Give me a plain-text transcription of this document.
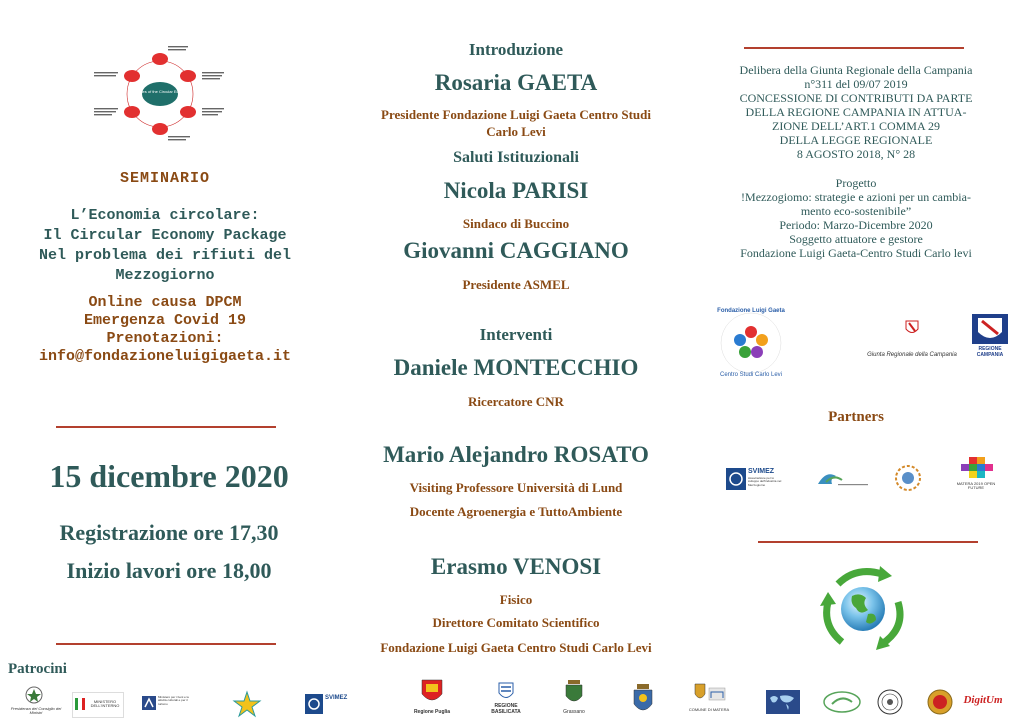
Principles of the Circular Economy
SEMINARIO
L’Economia circolare:
Il Circular Economy Package
Nel problema dei rifiuti del
Mezzogiorno
Online causa DPCM
Emergenza Covid 19
Prenotazioni:
info@fondazioneluigigaeta.it
15 dicembre 2020
Registrazione ore 17,30
Inizio lavori ore 18,00
Patrocini
Introduzione
Rosaria GAETA
Presidente Fondazione Luigi Gaeta Centro Studi
Carlo Levi
Saluti Istituzionali
Nicola PARISI
Sindaco di Buccino
Giovanni CAGGIANO
Presidente ASMEL
Interventi
Daniele MONTECCHIO
Ricercatore CNR
Mario Alejandro ROSATO
Visiting Professore Università di Lund
Docente Agroenergia e TuttoAmbiente
Erasmo VENOSI
Fisico
Direttore Comitato Scientifico
Fondazione Luigi Gaeta Centro Studi Carlo Levi
Delibera della Giunta Regionale della Campania
n°311 del 09/07 2019
CONCESSIONE DI CONTRIBUTI DA PARTE
DELLA REGIONE CAMPANIA IN ATTUA-
ZIONE DELL’ART.1 COMMA 29
DELLA LEGGE REGIONALE
8 AGOSTO 2018, N° 28
Progetto
!Mezzogiomo: strategie e azioni per un cambia-
mento eco-sostenibile”
Periodo: Marzo-Dicembre 2020
Soggetto attuatore e gestore
Fondazione Luigi Gaeta-Centro Studi Carlo levi
Fondazione Luigi Gaeta
Centro Studi Carlo Levi
Giunta Regionale della Campania
REGIONE CAMPANIA
Partners
SVIMEZ
Associazione per lo sviluppo dell'industria nel Mezzogiorno	MATERA 2019 OPEN FUTURE
Presidenza del Consiglio dei Ministri
MINISTERO DELL'INTERNO
Ministero per i beni e le attività culturali e per il turismo
SVIMEZ
Regione Puglia
REGIONE BASILICATA	Grassano	COMUNE DI MATERA
DigitUm
